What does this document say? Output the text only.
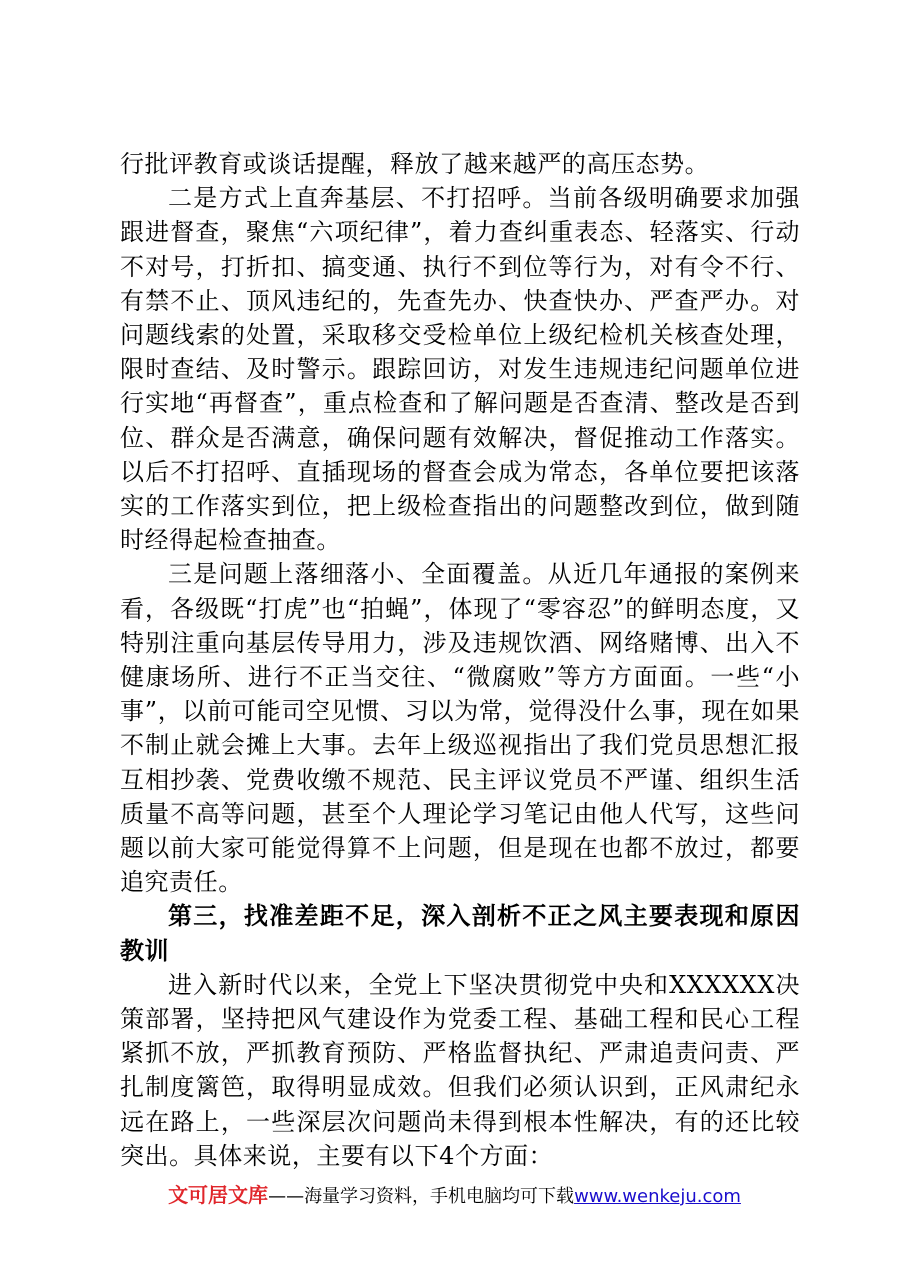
行批评教育或谈话提醒，释放了越来越严的高压态势。

二是方式上直奔基层、不打招呼。当前各级明确要求加强跟进督查，聚焦“六项纪律”，着力查纠重表态、轻落实、行动不对号，打折扣、搞变通、执行不到位等行为，对有令不行、有禁不止、顶风违纪的，先查先办、快查快办、严查严办。对问题线索的处置，采取移交受检单位上级纪检机关核查处理，限时查结、及时警示。跟踪回访，对发生违规违纪问题单位进行实地“再督查”，重点检查和了解问题是否查清、整改是否到位、群众是否满意，确保问题有效解决，督促推动工作落实。以后不打招呼、直插现场的督查会成为常态，各单位要把该落实的工作落实到位，把上级检查指出的问题整改到位，做到随时经得起检查抽查。

三是问题上落细落小、全面覆盖。从近几年通报的案例来看，各级既“打虎”也“拍蝇”，体现了“零容忍”的鲜明态度，又特别注重向基层传导用力，涉及违规饮酒、网络赌博、出入不健康场所、进行不正当交往、“微腐败”等方方面面。一些“小事”，以前可能司空见惯、习以为常，觉得没什么事，现在如果不制止就会摊上大事。去年上级巡视指出了我们党员思想汇报互相抄袭、党费收缴不规范、民主评议党员不严谨、组织生活质量不高等问题，甚至个人理论学习笔记由他人代写，这些问题以前大家可能觉得算不上问题，但是现在也都不放过，都要追究责任。

第三，找准差距不足，深入剖析不正之风主要表现和原因教训

进入新时代以来，全党上下坚决贯彻党中央和XXXXXX决策部署，坚持把风气建设作为党委工程、基础工程和民心工程紧抓不放，严抓教育预防、严格监督执纪、严肃追责问责、严扎制度篱笆，取得明显成效。但我们必须认识到，正风肃纪永远在路上，一些深层次问题尚未得到根本性解决，有的还比较突出。具体来说，主要有以下4个方面：

文可居文库——海量学习资料，手机电脑均可下载www.wenkeju.com
